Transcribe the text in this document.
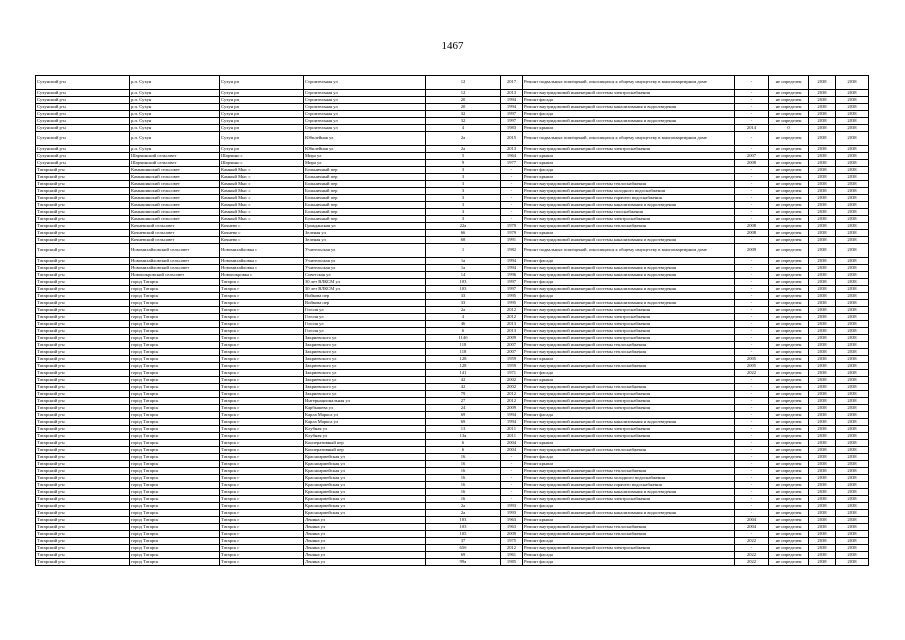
1467
Сухунский р-н	р.п. Сухун	Сухун рп	Строительная ул	12	2017	Ремонт подвальных помещений, относящихся к общему имуществу в многоквартирном доме	-	не определен	2038	2038
Сухунский р-н	р.п. Сухун	Сухун рп	Строительная ул	12	2013	Ремонт внутридомовой инженерной системы электроснабжения	-	не определен	2038	2038
Сухунский р-н	р.п. Сухун	Сухун рп	Строительная ул	20	1994	Ремонт фасада	-	не определен	2038	2038
Сухунский р-н	р.п. Сухун	Сухун рп	Строительная ул	20	1994	Ремонт внутридомовой инженерной системы канализования и водоотведения	-	не определен	2038	2038
Сухунский р-н	р.п. Сухун	Сухун рп	Строительная ул	32	1997	Ремонт фасада	-	не определен	2038	2038
Сухунский р-н	р.п. Сухун	Сухун рп	Строительная ул	32	1997	Ремонт внутридомовой инженерной системы канализования и водоотведения	-	не определен	2038	2038
Сухунский р-н	р.п. Сухун	Сухун рп	Строительная ул	4	1983	Ремонт крыши	2014	0	2038	2038
Сухунский р-н	р.п. Сухун	Сухун рп	Юбилейная ул	2а	2015	Ремонт подвальных помещений, относящихся к общему имуществу в многоквартирном доме	-	не определен	2038	2038
Сухунский р-н	р.п. Сухун	Сухун рп	Юбилейная ул	2а	2013	Ремонт внутридомовой инженерной системы электроснабжения	-	не определен	2038	2038
Сухунский р-н	Шарчинский сельсовет	Шарчино с	Мира ул	5	1964	Ремонт крыши	2007	не определен	2038	2038
Сухунский р-н	Шарчинский сельсовет	Шарчино с	Мира ул	9	1977	Ремонт крыши	2008	не определен	2038	2038
Татарский р-н	Камышинский сельсовет	Камный Мыс с	Больничный пер	3	-	Ремонт фасада	-	не определен	2038	2038
Татарский р-н	Камышинский сельсовет	Камный Мыс с	Больничный пер	3	-	Ремонт крыши	-	не определен	2038	2038
Татарский р-н	Камышинский сельсовет	Камный Мыс с	Больничный пер	3	-	Ремонт внутридомовой инженерной системы теплоснабжения	-	не определен	2038	2038
Татарский р-н	Камышинский сельсовет	Камный Мыс с	Больничный пер	3	-	Ремонт внутридомовой инженерной системы холодного водоснабжения	-	не определен	2038	2038
Татарский р-н	Камышинский сельсовет	Камный Мыс с	Больничный пер	3	-	Ремонт внутридомовой инженерной системы горячего водоснабжения	-	не определен	2038	2038
Татарский р-н	Камышинский сельсовет	Камный Мыс с	Больничный пер	3	-	Ремонт внутридомовой инженерной системы канализования и водоотведения	-	не определен	2038	2038
Татарский р-н	Камышинский сельсовет	Камный Мыс с	Больничный пер	3	-	Ремонт внутридомовой инженерной системы газоснабжения	-	не определен	2038	2038
Татарский р-н	Камышинский сельсовет	Камный Мыс с	Больничный пер	3	-	Ремонт внутридомовой инженерной системы электроснабжения	-	не определен	2038	2038
Татарский р-н	Кочневский сельсовет	Кочнево с	Гражданская ул	22а	1979	Ремонт внутридомовой инженерной системы теплоснабжения	2008	не определен	2038	2038
Татарский р-н	Кочневский сельсовет	Кочнево с	Зеленая ул	66	1979	Ремонт крыши	2008	не определен	2038	2038
Татарский р-н	Кочневский сельсовет	Кочнево с	Зеленая ул	68	1991	Ремонт внутридомовой инженерной системы канализования и водоотведения	-	не определен	2038	2038
Татарский р-н	Новомихайловский сельсовет	Новомихайловка с	Учительская ул	1	1982	Ремонт подвальных помещений, относящихся к общему имуществу в многоквартирном доме	2009	не определен	2038	2038
Татарский р-н	Новомихайловский сельсовет	Новомихайловка с	Учительская ул	1а	1994	Ремонт фасада	-	не определен	2038	2038
Татарский р-н	Новомихайловский сельсовет	Новомихайловка с	Учительская ул	1а	1994	Ремонт внутридомовой инженерной системы канализования и водоотведения	-	не определен	2038	2038
Татарский р-н	Новопокровский сельсовет	Новопокровка с	Советская ул	14	1996	Ремонт внутридомовой инженерной системы канализования и водоотведения	-	не определен	2038	2038
Татарский р-н	город Татарск	Татарск г	30 лет ВЛКСМ ул	103	1997	Ремонт фасада	-	не определен	2038	2038
Татарский р-н	город Татарск	Татарск г	30 лет ВЛКСМ ул	103	1997	Ремонт внутридомовой инженерной системы канализования и водоотведения	-	не определен	2038	2038
Татарский р-н	город Татарск	Татарск г	Войкова пер	33	1995	Ремонт фасада	-	не определен	2038	2038
Татарский р-н	город Татарск	Татарск г	Войкова пер	33	1995	Ремонт внутридомовой инженерной системы канализования и водоотведения	-	не определен	2038	2038
Татарский р-н	город Татарск	Татарск г	Гоголя ул	2а	2012	Ремонт внутридомовой инженерной системы электроснабжения	-	не определен	2038	2038
Татарский р-н	город Татарск	Татарск г	Гоголя ул	4	2012	Ремонт внутридомовой инженерной системы электроснабжения	-	не определен	2038	2038
Татарский р-н	город Татарск	Татарск г	Гоголя ул	46	2013	Ремонт внутридомовой инженерной системы электроснабжения	-	не определен	2038	2038
Татарский р-н	город Татарск	Татарск г	Гоголя ул	6	2013	Ремонт внутридомовой инженерной системы электроснабжения	-	не определен	2038	2038
Татарский р-н	город Татарск	Татарск г	Закриевского ул	114б	2009	Ремонт внутридомовой инженерной системы электроснабжения	-	не определен	2038	2038
Татарский р-н	город Татарск	Татарск г	Закриевского ул	118	2007	Ремонт внутридомовой инженерной системы теплоснабжения	-	не определен	2038	2038
Татарский р-н	город Татарск	Татарск г	Закриевского ул	118	2007	Ремонт внутридомовой инженерной системы теплоснабжения	-	не определен	2038	2038
Татарский р-н	город Татарск	Татарск г	Закриевского ул	128	1959	Ремонт крыши	2005	не определен	2038	2038
Татарский р-н	город Татарск	Татарск г	Закриевского ул	128	1959	Ремонт внутридомовой инженерной системы теплоснабжения	2005	не определен	2038	2038
Татарский р-н	город Татарск	Татарск г	Закриевского ул	141	1971	Ремонт фасада	2022	не определен	2038	2038
Татарский р-н	город Татарск	Татарск г	Закриевского ул	42	2002	Ремонт крыши	-	не определен	2038	2038
Татарский р-н	город Татарск	Татарск г	Закриевского ул	42	2002	Ремонт внутридомовой инженерной системы теплоснабжения	-	не определен	2038	2038
Татарский р-н	город Татарск	Татарск г	Закриевского ул	79	2012	Ремонт внутридомовой инженерной системы электроснабжения	-	не определен	2038	2038
Татарский р-н	город Татарск	Татарск г	Интернациональная ул	27	2012	Ремонт внутридомовой инженерной системы электроснабжения	-	не определен	2038	2038
Татарский р-н	город Татарск	Татарск г	Карбышева ул	24	2009	Ремонт внутридомовой инженерной системы электроснабжения	-	не определен	2038	2038
Татарский р-н	город Татарск	Татарск г	Карла Маркса ул	69	1994	Ремонт фасада	-	не определен	2038	2038
Татарский р-н	город Татарск	Татарск г	Карла Маркса ул	69	1994	Ремонт внутридомовой инженерной системы канализования и водоотведения	-	не определен	2038	2038
Татарский р-н	город Татарск	Татарск г	Клубная ул	13	2011	Ремонт внутридомовой инженерной системы электроснабжения	-	не определен	2038	2038
Татарский р-н	город Татарск	Татарск г	Клубная ул	13а	2011	Ремонт внутридомовой инженерной системы электроснабжения	-	не определен	2038	2038
Татарский р-н	город Татарск	Татарск г	Кооперативный пер	6	2004	Ремонт крыши	-	не определен	2038	2038
Татарский р-н	город Татарск	Татарск г	Кооперативный пер	6	2004	Ремонт внутридомовой инженерной системы теплоснабжения	-	не определен	2038	2038
Татарский р-н	город Татарск	Татарск г	Красноармейская ул	16	-	Ремонт фасада	-	не определен	2038	2038
Татарский р-н	город Татарск	Татарск г	Красноармейская ул	16	-	Ремонт крыши	-	не определен	2038	2038
Татарский р-н	город Татарск	Татарск г	Красноармейская ул	16	-	Ремонт внутридомовой инженерной системы теплоснабжения	-	не определен	2038	2038
Татарский р-н	город Татарск	Татарск г	Красноармейская ул	16	-	Ремонт внутридомовой инженерной системы холодного водоснабжения	-	не определен	2038	2038
Татарский р-н	город Татарск	Татарск г	Красноармейская ул	16	-	Ремонт внутридомовой инженерной системы горячего водоснабжения	-	не определен	2038	2038
Татарский р-н	город Татарск	Татарск г	Красноармейская ул	16	-	Ремонт внутридомовой инженерной системы канализования и водоотведения	-	не определен	2038	2038
Татарский р-н	город Татарск	Татарск г	Красноармейская ул	16	-	Ремонт внутридомовой инженерной системы электроснабжения	-	не определен	2038	2038
Татарский р-н	город Татарск	Татарск г	Красноармейская ул	2а	1993	Ремонт фасада	-	не определен	2038	2038
Татарский р-н	город Татарск	Татарск г	Красноармейская ул	2а	1993	Ремонт внутридомовой инженерной системы канализования и водоотведения	-	не определен	2038	2038
Татарский р-н	город Татарск	Татарск г	Ленина ул	103	1963	Ремонт крыши	2004	не определен	2038	2038
Татарский р-н	город Татарск	Татарск г	Ленина ул	103	1963	Ремонт внутридомовой инженерной системы теплоснабжения	2004	не определен	2038	2038
Татарский р-н	город Татарск	Татарск г	Ленина ул	105	2009	Ремонт внутридомовой инженерной системы теплоснабжения	-	не определен	2038	2038
Татарский р-н	город Татарск	Татарск г	Ленина ул	37	1975	Ремонт фасада	2022	не определен	2038	2038
Татарский р-н	город Татарск	Татарск г	Ленина ул	65б	2012	Ремонт внутридомовой инженерной системы электроснабжения	-	не определен	2038	2038
Татарский р-н	город Татарск	Татарск г	Ленина ул	69	1961	Ремонт фасада	2022	не определен	2038	2038
Татарский р-н	город Татарск	Татарск г	Ленина ул	99а	1985	Ремонт фасада	2022	не определен	2038	2038
